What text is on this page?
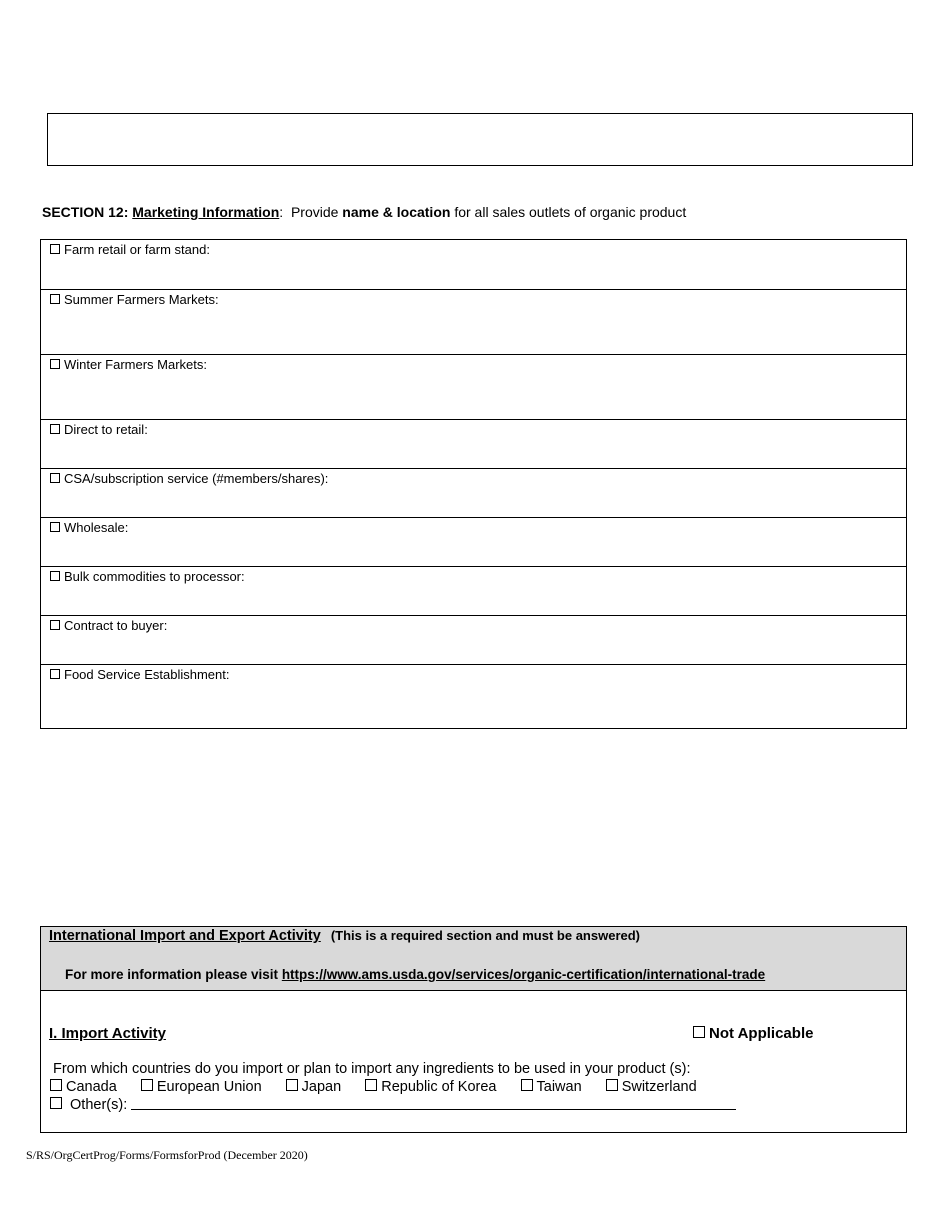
SECTION 12: Marketing Information: Provide name & location for all sales outlets of organic product
Farm retail or farm stand:
Summer Farmers Markets:
Winter Farmers Markets:
Direct to retail:
CSA/subscription service (#members/shares):
Wholesale:
Bulk commodities to processor:
Contract to buyer:
Food Service Establishment:
International Import and Export Activity (This is a required section and must be answered)
For more information please visit https://www.ams.usda.gov/services/organic-certification/international-trade
I. Import Activity	Not Applicable
From which countries do you import or plan to import any ingredients to be used in your product (s):
Canada	European Union	Japan	Republic of Korea	Taiwan	Switzerland
Other(s):
S/RS/OrgCertProg/Forms/FormsforProd (December 2020)
